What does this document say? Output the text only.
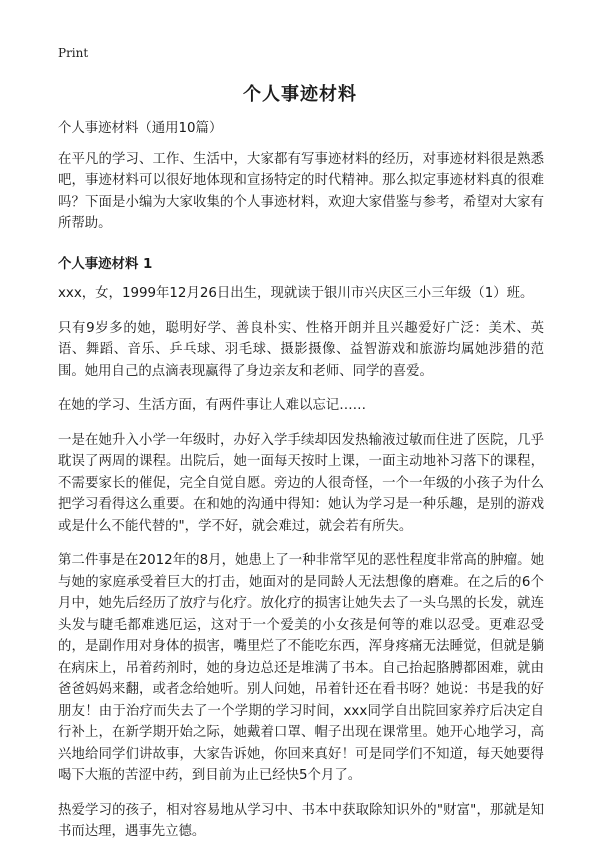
Print
个人事迹材料

个人事迹材料（通用10篇）

在平凡的学习、工作、生活中，大家都有写事迹材料的经历，对事迹材料很是熟悉吧，事迹材料可以很好地体现和宣扬特定的时代精神。那么拟定事迹材料真的很难吗？下面是小编为大家收集的个人事迹材料，欢迎大家借鉴与参考，希望对大家有所帮助。

个人事迹材料 1

xxx，女，1999年12月26日出生，现就读于银川市兴庆区三小三年级（1）班。

只有9岁多的她，聪明好学、善良朴实、性格开朗并且兴趣爱好广泛：美术、英语、舞蹈、音乐、乒乓球、羽毛球、摄影摄像、益智游戏和旅游均属她涉猎的范围。她用自己的点滴表现赢得了身边亲友和老师、同学的喜爱。

在她的学习、生活方面，有两件事让人难以忘记……

一是在她升入小学一年级时，办好入学手续却因发热输液过敏而住进了医院，几乎耽误了两周的课程。出院后，她一面每天按时上课，一面主动地补习落下的课程，不需要家长的催促，完全自觉自愿。旁边的人很奇怪，一个一年级的小孩子为什么把学习看得这么重要。在和她的沟通中得知：她认为学习是一种乐趣，是别的游戏或是什么不能代替的"，学不好，就会难过，就会若有所失。

第二件事是在2012年的8月，她患上了一种非常罕见的恶性程度非常高的肿瘤。她与她的家庭承受着巨大的打击，她面对的是同龄人无法想像的磨难。在之后的6个月中，她先后经历了放疗与化疗。放化疗的损害让她失去了一头乌黑的长发，就连头发与睫毛都难逃厄运，这对于一个爱美的小女孩是何等的难以忍受。更难忍受的，是副作用对身体的损害，嘴里烂了不能吃东西，浑身疼痛无法睡觉，但就是躺在病床上，吊着药剂时，她的身边总还是堆满了书本。自己抬起胳膊都困难，就由爸爸妈妈来翻，或者念给她听。别人问她，吊着针还在看书呀？她说：书是我的好朋友！由于治疗而失去了一个学期的学习时间，xxx同学自出院回家养疗后决定自行补上，在新学期开始之际，她戴着口罩、帽子出现在课常里。她开心地学习，高兴地给同学们讲故事，大家告诉她，你回来真好！可是同学们不知道，每天她要得喝下大瓶的苦涩中药，到目前为止已经快5个月了。

热爱学习的孩子，相对容易地从学习中、书本中获取除知识外的"财富"，那就是知书而达理，遇事先立德。
